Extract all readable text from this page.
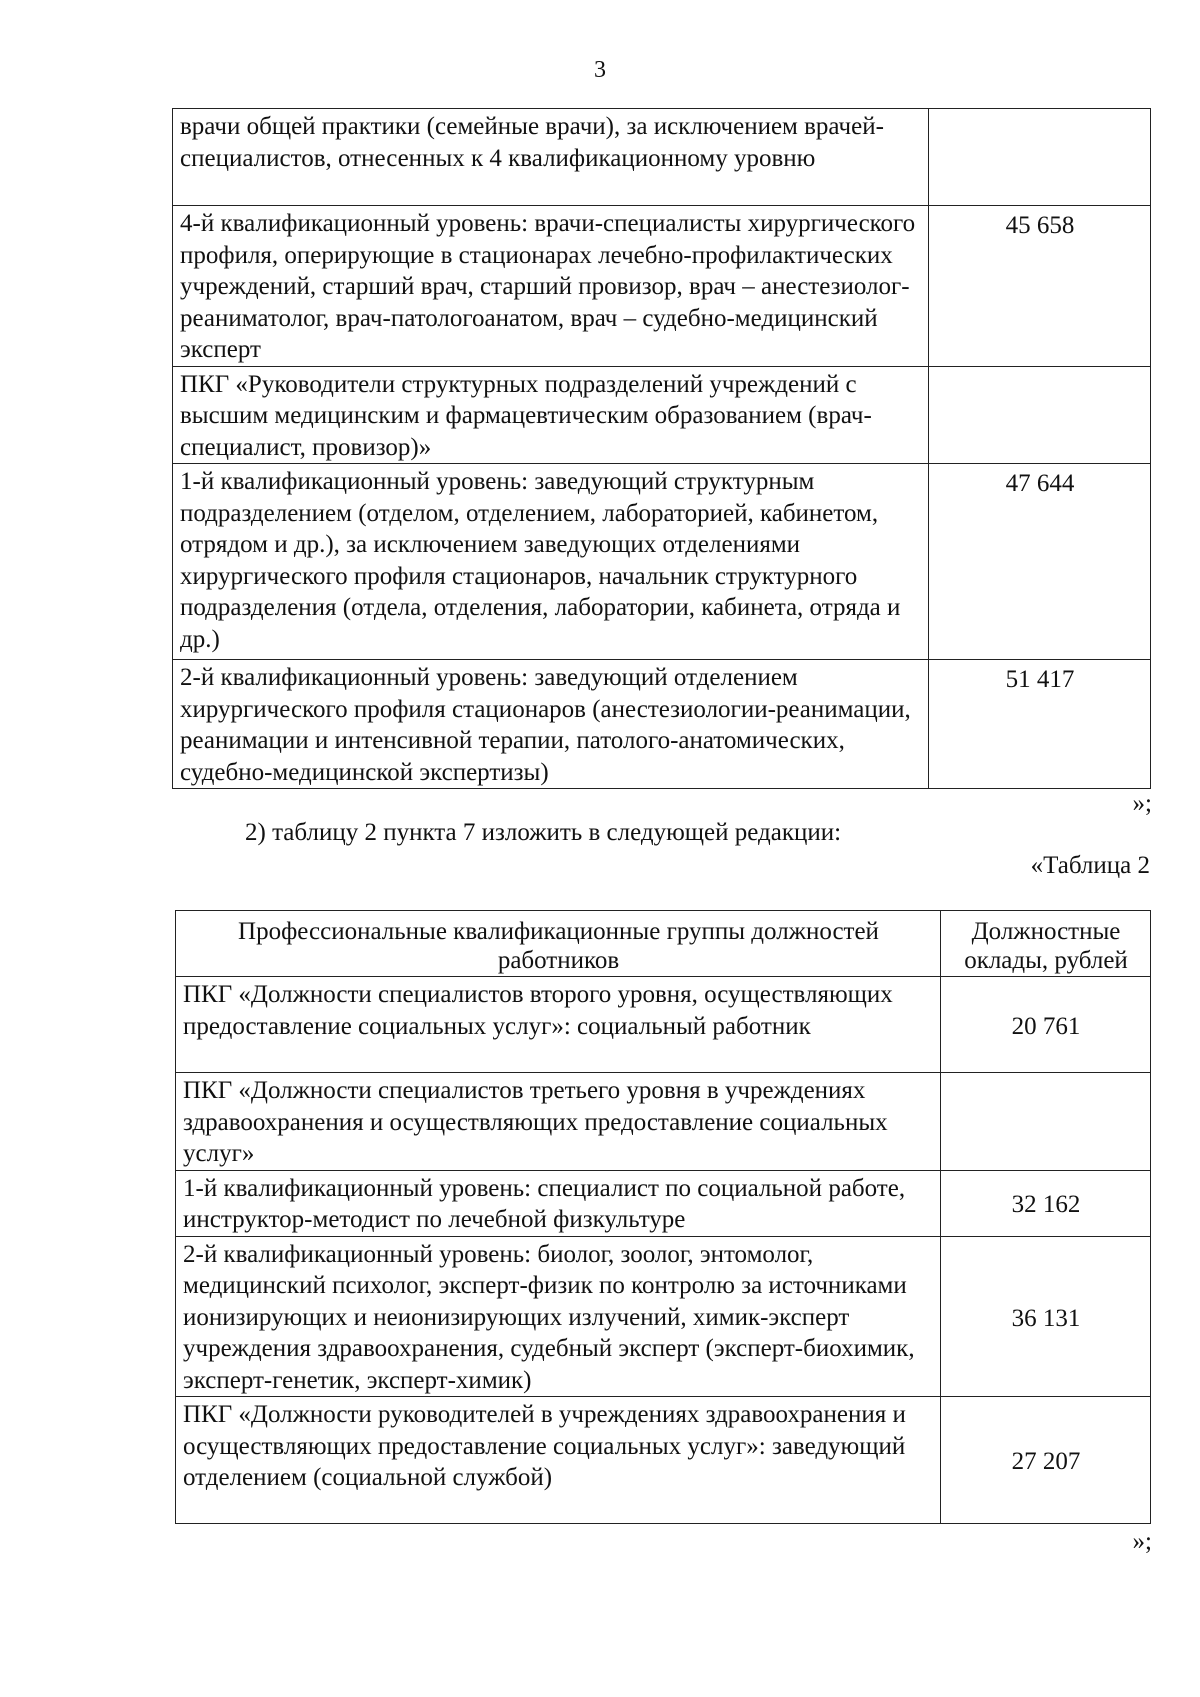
3
врачи общей практики (семейные врачи), за исключением врачей-специалистов, отнесенных к 4 квалификационному уровню	
4-й квалификационный уровень: врачи-специалисты хирургического профиля, оперирующие в стационарах лечебно-профилактических учреждений, старший врач, старший провизор, врач – анестезиолог-реаниматолог, врач-патологоанатом, врач – судебно-медицинский эксперт	45 658
ПКГ «Руководители структурных подразделений учреждений с высшим медицинским и фармацевтическим образованием (врач-специалист, провизор)»	
1-й квалификационный уровень: заведующий структурным подразделением (отделом, отделением, лабораторией, кабинетом, отрядом и др.), за исключением заведующих отделениями хирургического профиля стационаров, начальник структурного подразделения (отдела, отделения, лаборатории, кабинета, отряда и др.)	47 644
2-й квалификационный уровень: заведующий отделением хирургического профиля стационаров (анестезиологии-реанимации, реанимации и интенсивной терапии, патолого-анатомических, судебно-медицинской экспертизы)	51 417
»;
2) таблицу 2 пункта 7 изложить в следующей редакции:
«Таблица 2
Профессиональные квалификационные группы должностей работников	Должностные оклады, рублей
ПКГ «Должности специалистов второго уровня, осуществляющих предоставление социальных услуг»: социальный работник	20 761
ПКГ «Должности специалистов третьего уровня в учреждениях здравоохранения и осуществляющих предоставление социальных услуг»	
1-й квалификационный уровень: специалист по социальной работе, инструктор-методист по лечебной физкультуре	32 162
2-й квалификационный уровень: биолог, зоолог, энтомолог, медицинский психолог, эксперт-физик по контролю за источниками ионизирующих и неионизирующих излучений, химик-эксперт учреждения здравоохранения, судебный эксперт (эксперт-биохимик, эксперт-генетик, эксперт-химик)	36 131
ПКГ «Должности руководителей в учреждениях здравоохранения и осуществляющих предоставление социальных услуг»: заведующий отделением (социальной службой)	27 207
»;
